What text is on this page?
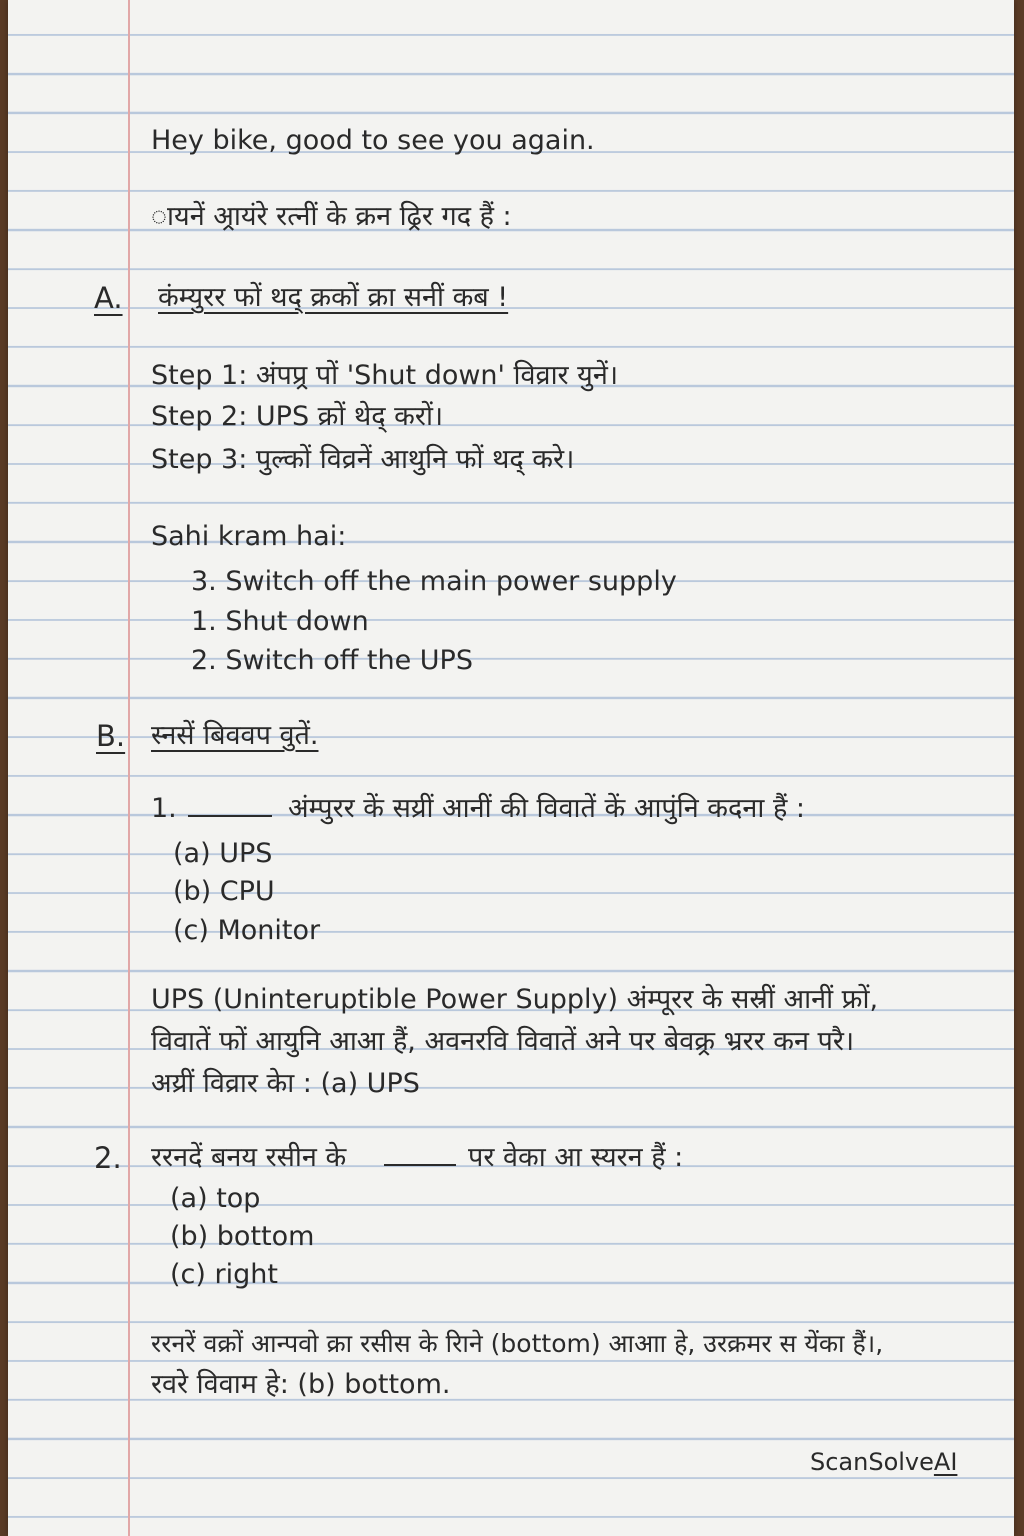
Hey bike, good to see you again.
ायनें अ्रायंरे रत्नीं के क्रन ढ्रिर गद हैं :
A. कंम्युरर फों थद् क्रकों क्रा सनीं कब !
Step 1: अंपप्र्र पों 'Shut down' विव्रार युनें।
Step 2: UPS क्रों थेद् करों।
Step 3: पुल्कों विव्रनें आथुनि फों थद् करे।
Sahi kram hai:
3. Switch off the main power supply
1. Shut down
2. Switch off the UPS
B. स्नसें बिववप वुतें.
1.	अंम्पुरर कें सय्रीं आनीं की विवातें कें आपुंनि कदना हैं :
(a) UPS
(b) CPU
(c) Monitor
UPS (Uninteruptible Power Supply) अंम्पूरर के सस्रीं आनीं फ्रों,
विवातें फों आयुनि आआ हैं, अवनरवि विवातें अने पर बेवक्र्र भ्ररर कन परै।
अय्रीं विव्रार केा : (a) UPS
2. ररनदें बनय रसीन के	पर वेका आ स्यरन हैं :
(a) top
(b) bottom
(c) right
ररनरें वक्रों आन्पवो क्रा रसीस के रिाने (bottom) आआा हे, उरक्रमर स येंका हैं।,
रवरे विवाम हे: (b) bottom.
ScanSolveAI
